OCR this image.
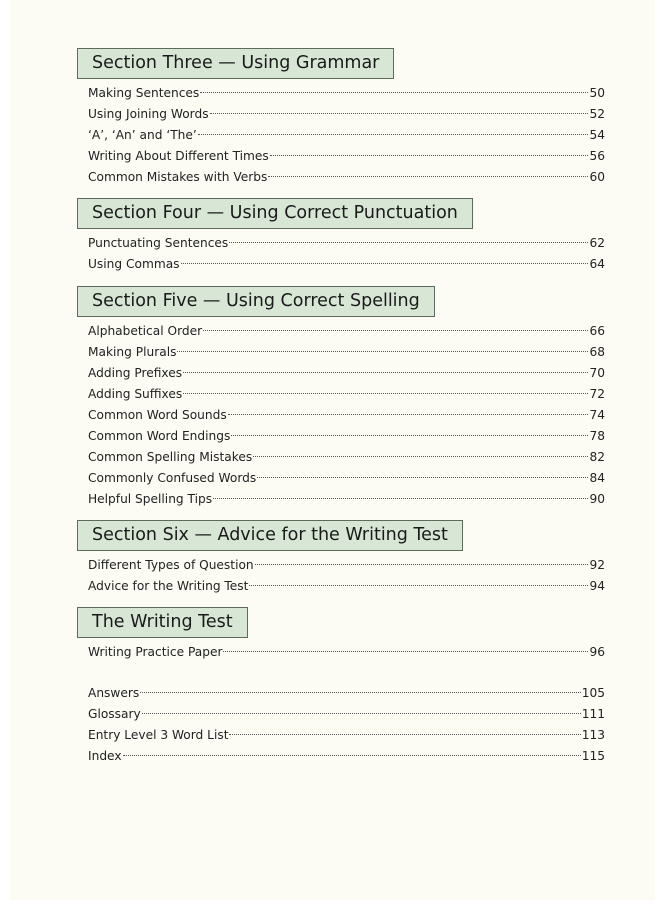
Section Three — Using Grammar
Making Sentences	50
Using Joining Words	52
‘A’, ‘An’ and ‘The’	54
Writing About Different Times	56
Common Mistakes with Verbs	60
Section Four — Using Correct Punctuation
Punctuating Sentences	62
Using Commas	64
Section Five — Using Correct Spelling
Alphabetical Order	66
Making Plurals	68
Adding Prefixes	70
Adding Suffixes	72
Common Word Sounds	74
Common Word Endings	78
Common Spelling Mistakes	82
Commonly Confused Words	84
Helpful Spelling Tips	90
Section Six — Advice for the Writing Test
Different Types of Question	92
Advice for the Writing Test	94
The Writing Test
Writing Practice Paper	96
Answers	105
Glossary	111
Entry Level 3 Word List	113
Index	115
